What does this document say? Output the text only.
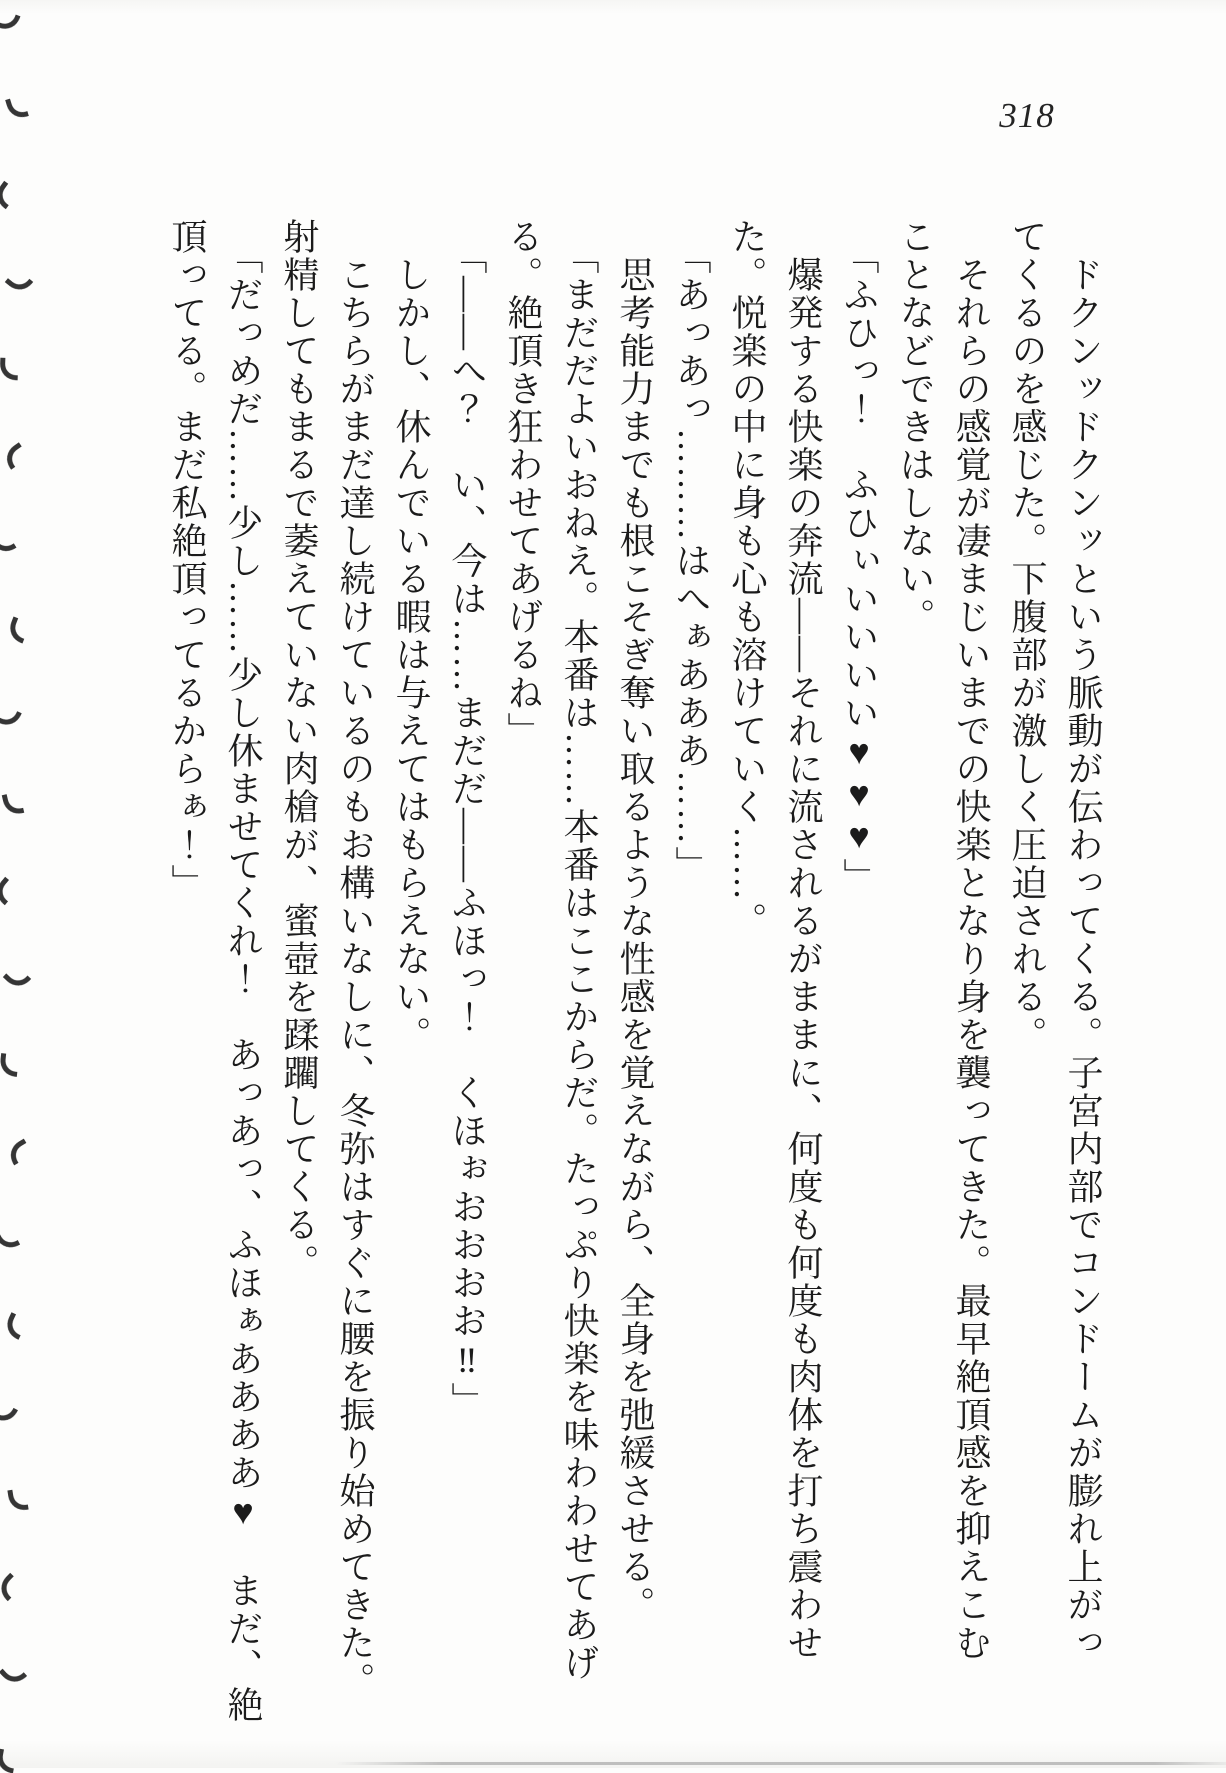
318
ドクンッドクンッという脈動が伝わってくる。子宮内部でコンドームが膨れ上がっ
てくるのを感じた。下腹部が激しく圧迫される。
それらの感覚が凄まじいまでの快楽となり身を襲ってきた。最早絶頂感を抑えこむ
ことなどできはしない。
「ふひっ！　ふひぃいいいい♥♥♥」
爆発する快楽の奔流——それに流されるがままに、何度も何度も肉体を打ち震わせ
た。悦楽の中に身も心も溶けていく……。
「あっあっ………はへぁあああ……」
思考能力までも根こそぎ奪い取るような性感を覚えながら、全身を弛緩させる。
「まだだよいおねえ。本番は……本番はここからだ。たっぷり快楽を味わわせてあげ
る。絶頂き狂わせてあげるね」
「——へ？　い、今は……まだだ——ふほっ！　くほぉおおおお‼」
しかし、休んでいる暇は与えてはもらえない。
こちらがまだ達し続けているのもお構いなしに、冬弥はすぐに腰を振り始めてきた。
射精してもまるで萎えていない肉槍が、蜜壺を蹂躙してくる。
「だっめだ……少し……少し休ませてくれ！　あっあっ、ふほぁああああ♥　まだ、絶
頂ってる。まだ私絶頂ってるからぁ！」
